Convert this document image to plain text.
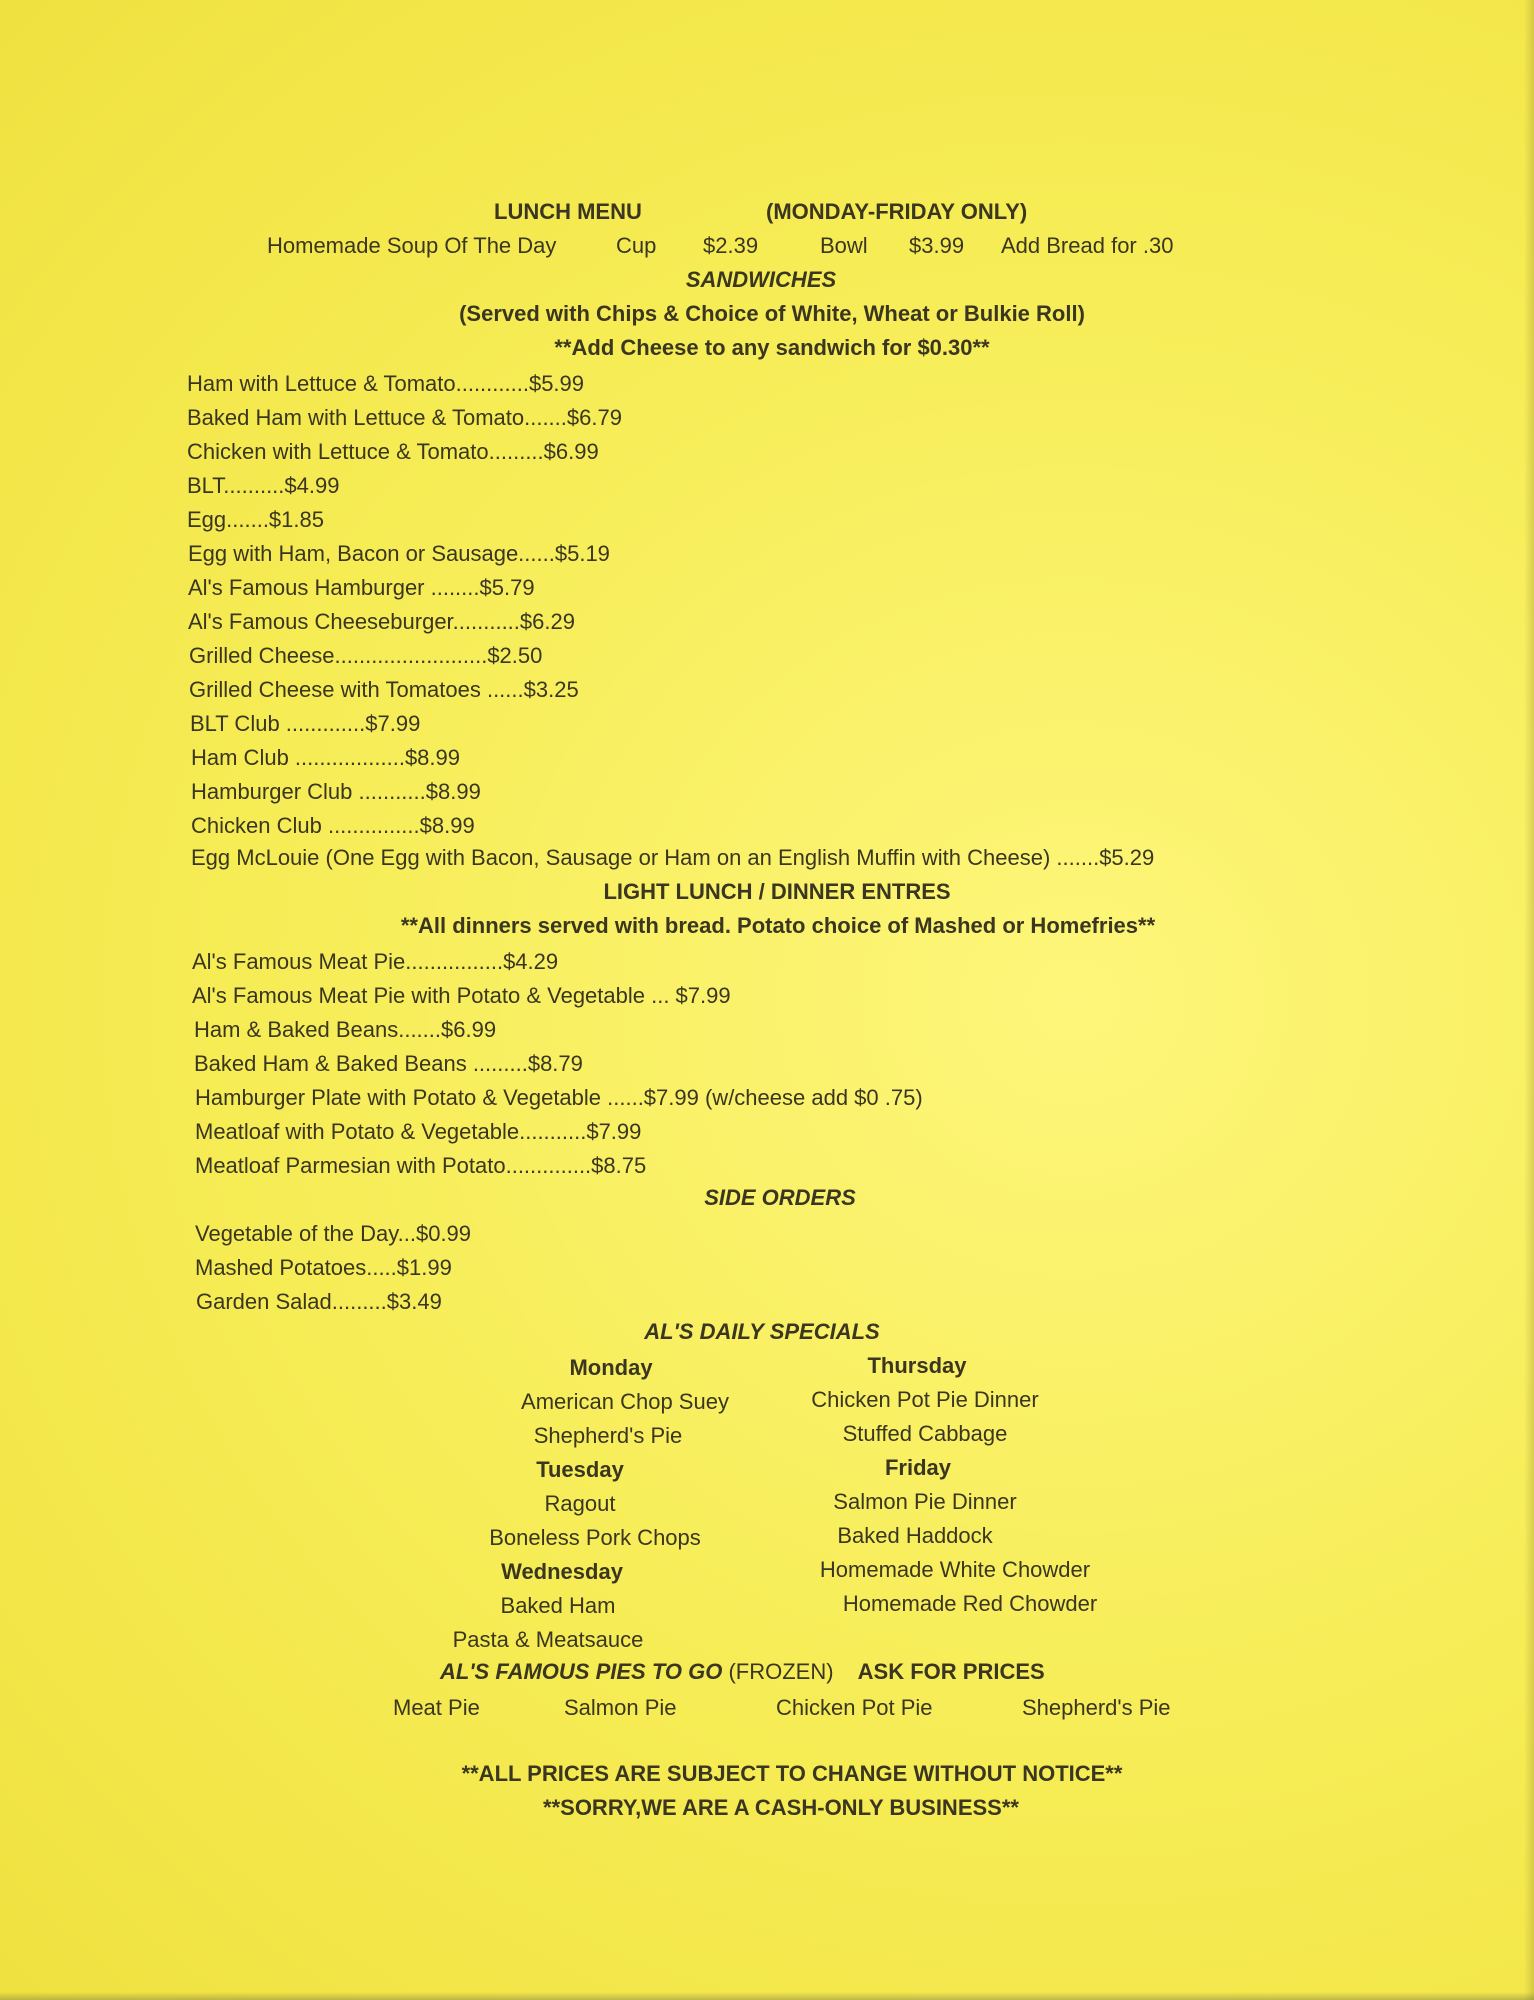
LUNCH MENU	(MONDAY-FRIDAY ONLY)
Homemade Soup Of The Day	Cup $2.39	Bowl $3.99 Add Bread for .30
SANDWICHES
(Served with Chips & Choice of White, Wheat or Bulkie Roll)
**Add Cheese to any sandwich for $0.30**
Ham with Lettuce & Tomato............$5.99
Baked Ham with Lettuce & Tomato.......$6.79
Chicken with Lettuce & Tomato.........$6.99
BLT..........$4.99
Egg.......$1.85
Egg with Ham, Bacon or Sausage......$5.19
Al's Famous Hamburger ........$5.79
Al's Famous Cheeseburger...........$6.29
Grilled Cheese.........................$2.50
Grilled Cheese with Tomatoes ......$3.25
BLT Club .............$7.99
Ham Club ..................$8.99
Hamburger Club ...........$8.99
Chicken Club ...............$8.99
Egg McLouie (One Egg with Bacon, Sausage or Ham on an English Muffin with Cheese) .......$5.29
LIGHT LUNCH / DINNER ENTRES
**All dinners served with bread. Potato choice of Mashed or Homefries**
Al's Famous Meat Pie................$4.29
Al's Famous Meat Pie with Potato & Vegetable ... $7.99
Ham & Baked Beans.......$6.99
Baked Ham & Baked Beans .........$8.79
Hamburger Plate with Potato & Vegetable ......$7.99 (w/cheese add $0 .75)
Meatloaf with Potato & Vegetable...........$7.99
Meatloaf Parmesian with Potato..............$8.75
SIDE ORDERS
Vegetable of the Day...$0.99
Mashed Potatoes.....$1.99
Garden Salad.........$3.49
AL'S DAILY SPECIALS
Monday
American Chop Suey
Shepherd's Pie
Tuesday
Ragout
Boneless Pork Chops
Wednesday
Baked Ham
Pasta & Meatsauce
Thursday
Chicken Pot Pie Dinner
Stuffed Cabbage
Friday
Salmon Pie Dinner
Baked Haddock
Homemade White Chowder
Homemade Red Chowder
AL'S FAMOUS PIES TO GO (FROZEN) ASK FOR PRICES
Meat Pie	Salmon Pie	Chicken Pot Pie	Shepherd's Pie
**ALL PRICES ARE SUBJECT TO CHANGE WITHOUT NOTICE**
**SORRY,WE ARE A CASH-ONLY BUSINESS**
